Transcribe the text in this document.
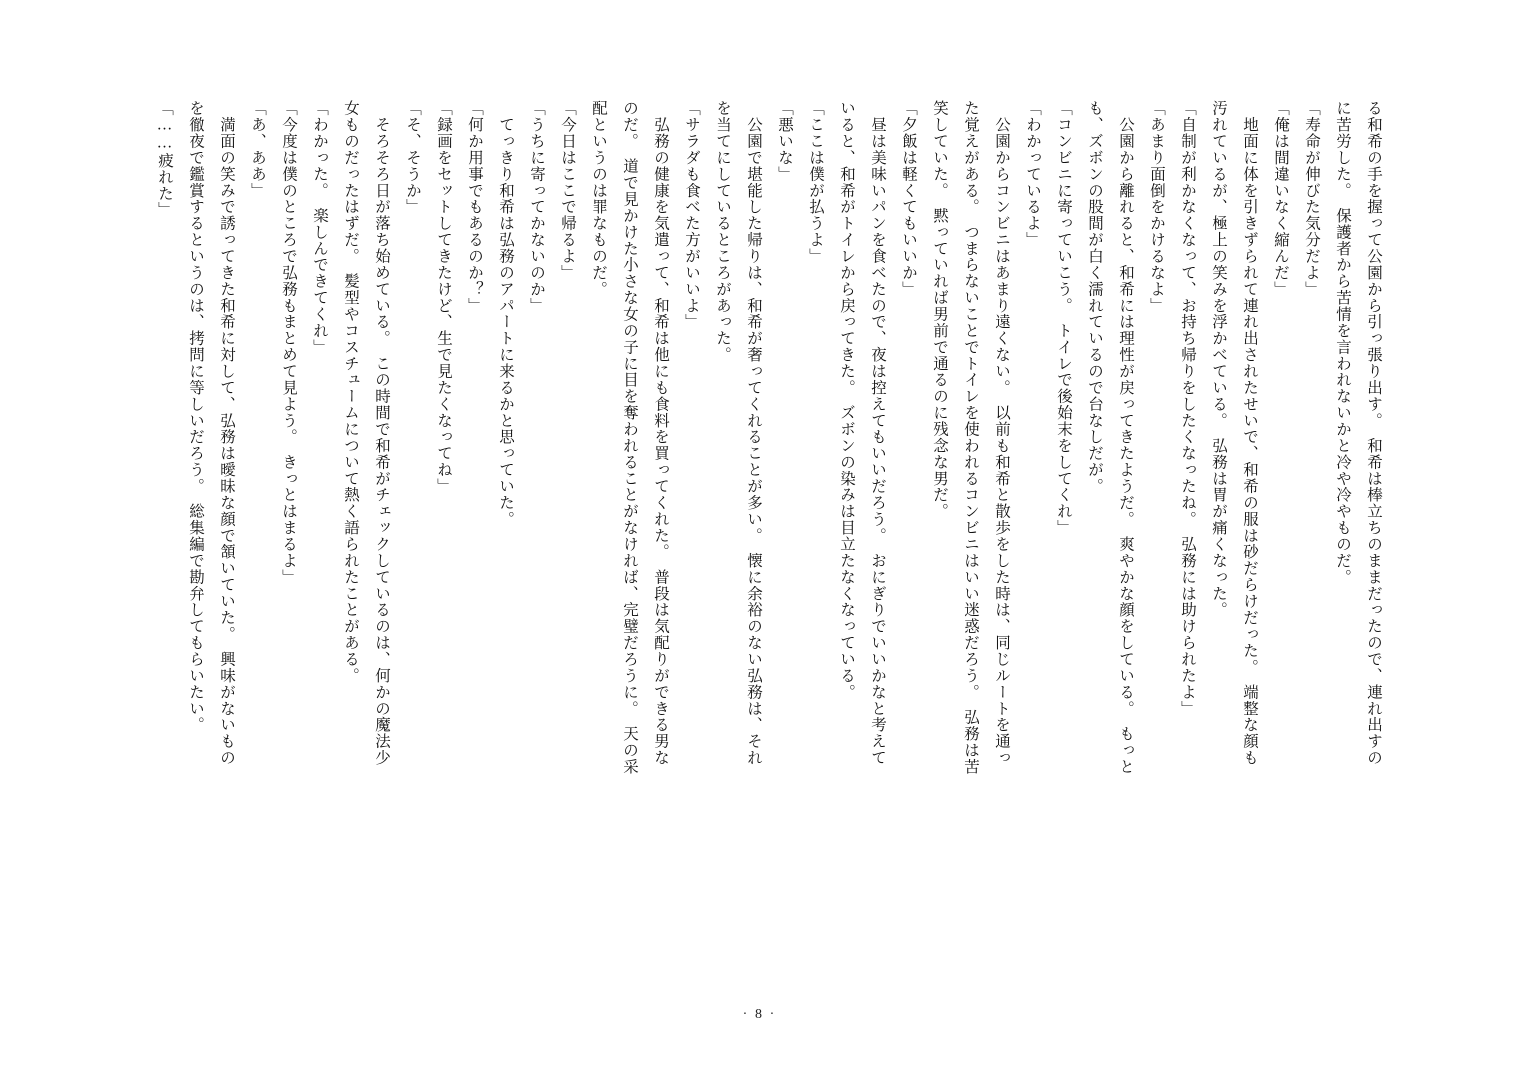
る和希の手を握って公園から引っ張り出す。　和希は棒立ちのままだったので、連れ出すの

に苦労した。　保護者から苦情を言われないかと冷や冷やものだ。

「寿命が伸びた気分だよ」

「俺は間違いなく縮んだ」

　地面に体を引きずられて連れ出されたせいで、和希の服は砂だらけだった。　端整な顔も

汚れているが、極上の笑みを浮かべている。　弘務は胃が痛くなった。

「自制が利かなくなって、お持ち帰りをしたくなったね。　弘務には助けられたよ」

「あまり面倒をかけるなよ」

　公園から離れると、和希には理性が戻ってきたようだ。　爽やかな顔をしている。　もっと

も、ズボンの股間が白く濡れているので台なしだが。

「コンビニに寄っていこう。　トイレで後始末をしてくれ」

「わかっているよ」

　公園からコンビニはあまり遠くない。　以前も和希と散歩をした時は、同じルートを通っ

た覚えがある。　つまらないことでトイレを使われるコンビニはいい迷惑だろう。　弘務は苦

笑していた。　黙っていれば男前で通るのに残念な男だ。

「夕飯は軽くてもいいか」

　昼は美味いパンを食べたので、夜は控えてもいいだろう。　おにぎりでいいかなと考えて

いると、和希がトイレから戻ってきた。　ズボンの染みは目立たなくなっている。

「ここは僕が払うよ」

「悪いな」

　公園で堪能した帰りは、和希が奢ってくれることが多い。　懐に余裕のない弘務は、それ

を当てにしているところがあった。

「サラダも食べた方がいいよ」

　弘務の健康を気遣って、和希は他にも食料を買ってくれた。　普段は気配りができる男な

のだ。　道で見かけた小さな女の子に目を奪われることがなければ、完璧だろうに。　天の采

配というのは罪なものだ。

「今日はここで帰るよ」

「うちに寄ってかないのか」

　てっきり和希は弘務のアパートに来るかと思っていた。

「何か用事でもあるのか？」

「録画をセットしてきたけど、生で見たくなってね」

「そ、そうか」

　そろそろ日が落ち始めている。　この時間で和希がチェックしているのは、何かの魔法少

女ものだったはずだ。　髪型やコスチュームについて熱く語られたことがある。

「わかった。　楽しんできてくれ」

「今度は僕のところで弘務もまとめて見よう。　きっとはまるよ」

「あ、ああ」

　満面の笑みで誘ってきた和希に対して、弘務は曖昧な顔で頷いていた。　興味がないもの

を徹夜で鑑賞するというのは、拷問に等しいだろう。　総集編で勘弁してもらいたい。

「……疲れた」

· 8 ·
